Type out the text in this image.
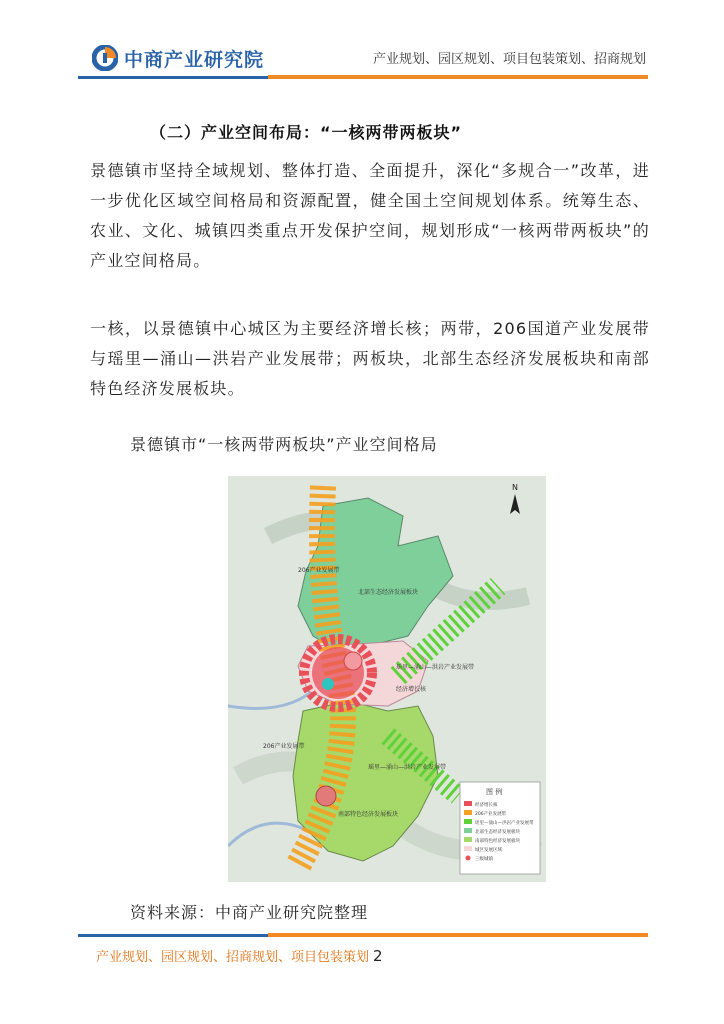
中商产业研究院	产业规划、园区规划、项目包装策划、招商规划
（二）产业空间布局：“一核两带两板块”
景德镇市坚持全域规划、整体打造、全面提升，深化“多规合一”改革，进一步优化区域空间格局和资源配置，健全国土空间规划体系。统筹生态、农业、文化、城镇四类重点开发保护空间，规划形成“一核两带两板块”的产业空间格局。
一核，以景德镇中心城区为主要经济增长核；两带，206国道产业发展带与瑶里—涌山—洪岩产业发展带；两板块，北部生态经济发展板块和南部特色经济发展板块。
景德镇市“一核两带两板块”产业空间格局
206产业发展带
北部生态经济发展板块
瑶里—涌山—洪岩产业发展带
经济增长核
206产业发展带
瑶里—涌山—洪岩产业发展带
南部特色经济发展板块
图 例
经济增长核
206产业发展带
瑶里—涌山—洪岩产业发展带
北部生态经济发展板块
南部特色经济发展板块
城区发展区域
三级城镇
N
资料来源：中商产业研究院整理
产业规划、园区规划、招商规划、项目包装策划 2
